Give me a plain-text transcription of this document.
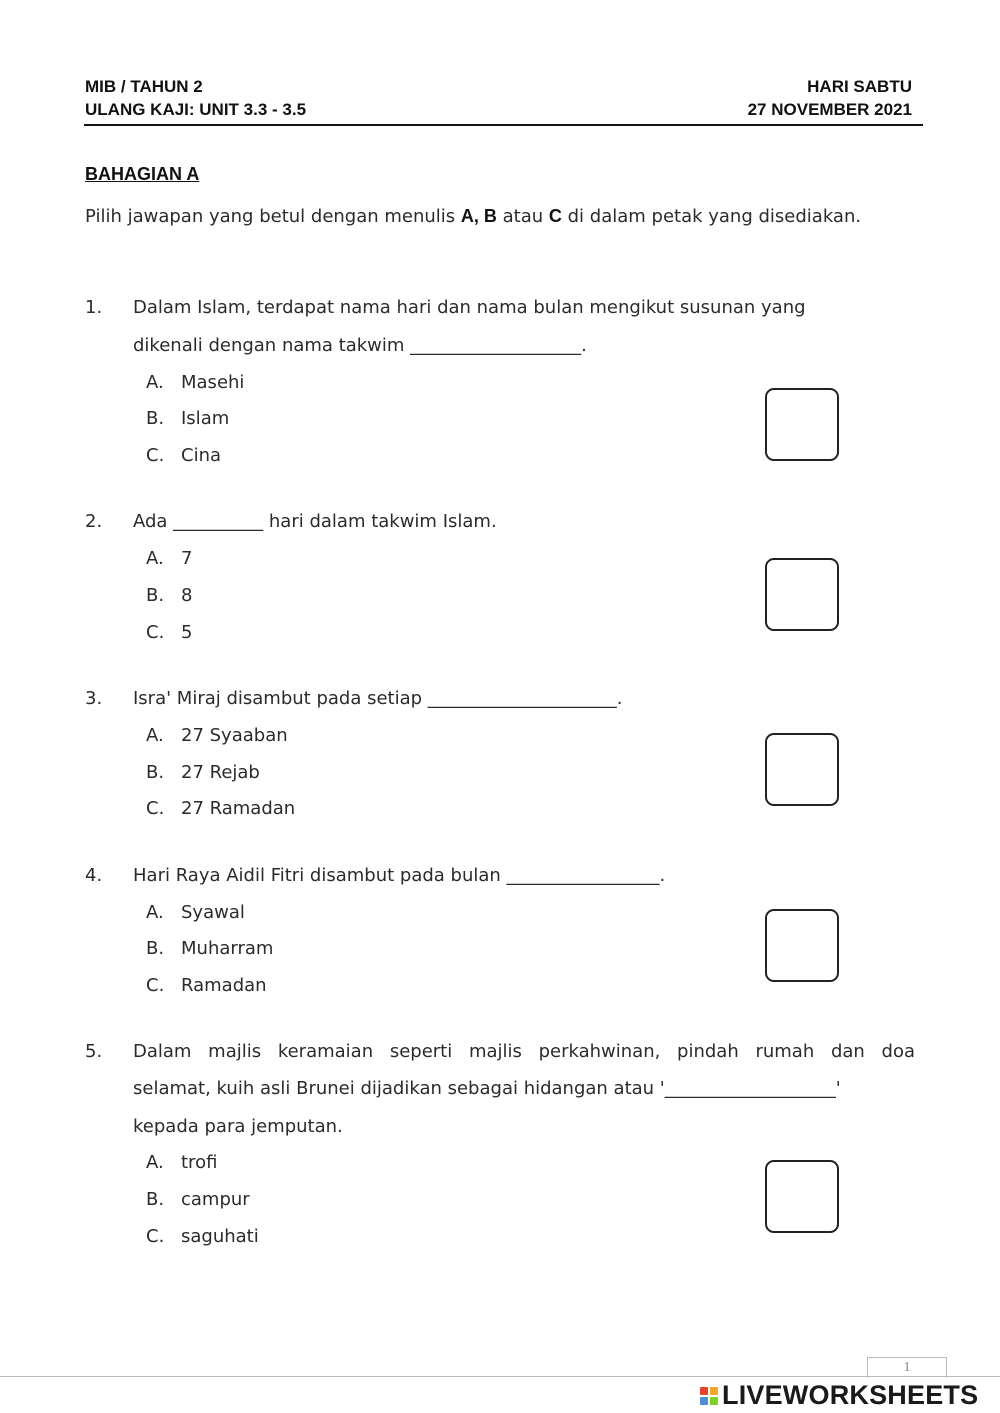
MIB / TAHUN 2
ULANG KAJI: UNIT 3.3 - 3.5
HARI SABTU
27 NOVEMBER 2021
BAHAGIAN A
Pilih jawapan yang betul dengan menulis A, B atau C di dalam petak yang disediakan.
1. Dalam Islam, terdapat nama hari dan nama bulan mengikut susunan yang
dikenali dengan nama takwim ___________________.
A. Masehi
B. Islam
C. Cina
2. Ada __________ hari dalam takwim Islam.
A. 7
B. 8
C. 5
3. Isra' Miraj disambut pada setiap _____________________.
A. 27 Syaaban
B. 27 Rejab
C. 27 Ramadan
4. Hari Raya Aidil Fitri disambut pada bulan _________________.
A. Syawal
B. Muharram
C. Ramadan
5. Dalam majlis keramaian seperti majlis perkahwinan, pindah rumah dan doa
selamat, kuih asli Brunei dijadikan sebagai hidangan atau '___________________'
kepada para jemputan.
A. trofi
B. campur
C. saguhati
1
LIVEWORKSHEETS
